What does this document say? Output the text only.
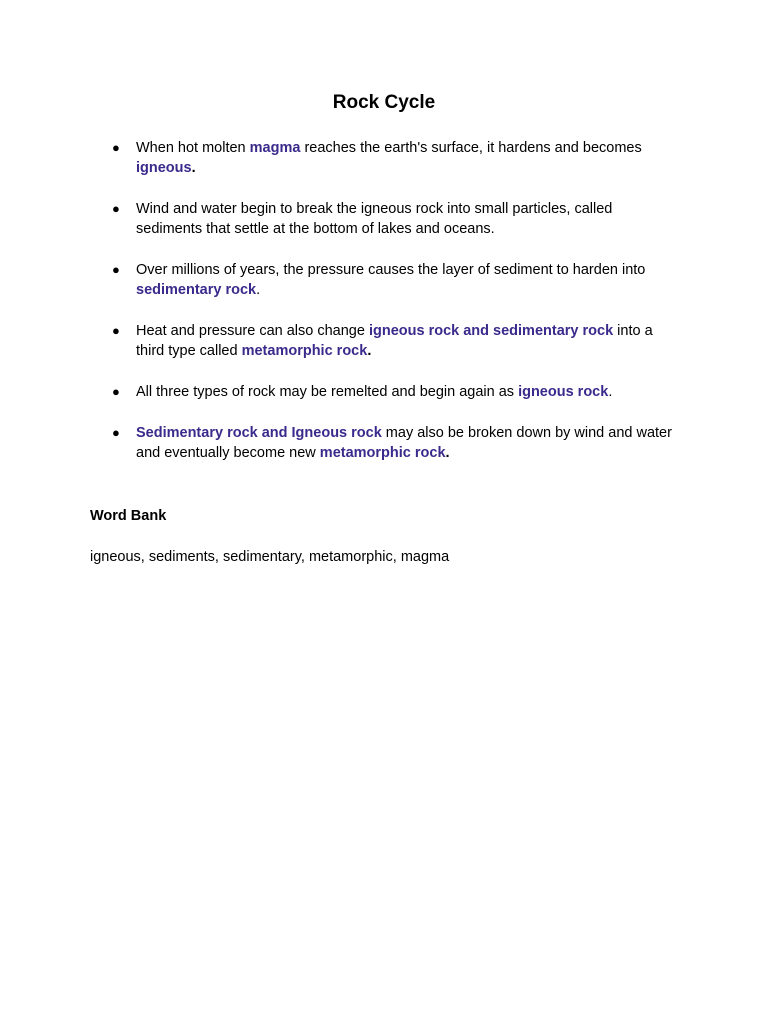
Rock Cycle
● When hot molten magma reaches the earth's surface, it hardens and becomes igneous.
● Wind and water begin to break the igneous rock into small particles, called sediments that settle at the bottom of lakes and oceans.
● Over millions of years, the pressure causes the layer of sediment to harden into sedimentary rock.
● Heat and pressure can also change igneous rock and sedimentary rock into a third type called metamorphic rock.
● All three types of rock may be remelted and begin again as igneous rock.
● Sedimentary rock and Igneous rock may also be broken down by wind and water and eventually become new metamorphic rock.
Word Bank
igneous, sediments, sedimentary, metamorphic, magma
